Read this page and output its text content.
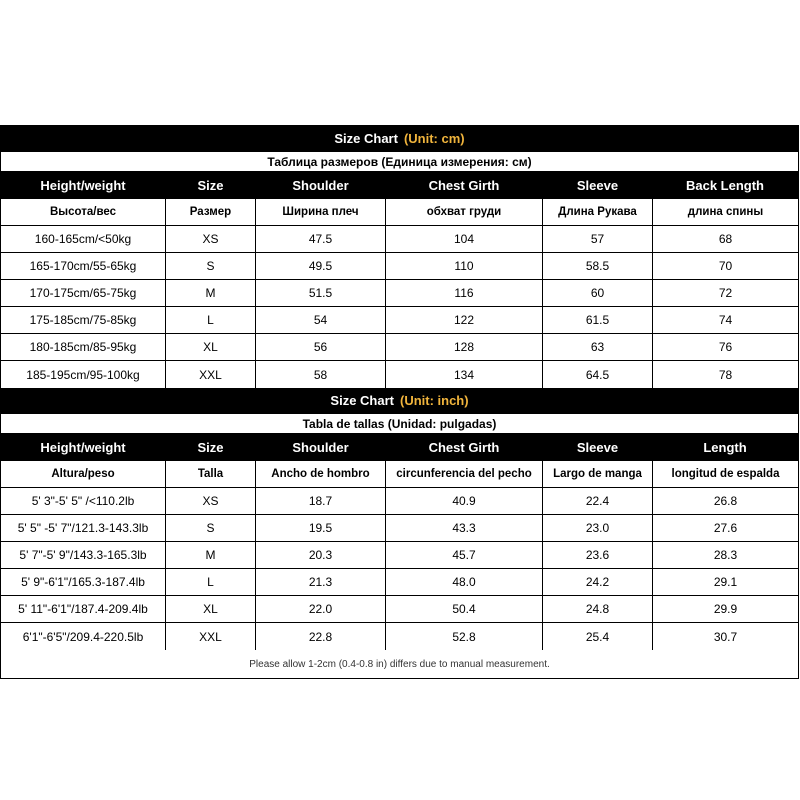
Size Chart (Unit: cm)
Таблица размеров (Единица измерения: см)
Height/weight	Size	Shoulder	Chest Girth	Sleeve	Back Length
Высота/вес	Размер	Ширина плеч	обхват груди	Длина Рукава	длина спины
160-165cm/<50kg	XS	47.5	104	57	68
165-170cm/55-65kg	S	49.5	110	58.5	70
170-175cm/65-75kg	M	51.5	116	60	72
175-185cm/75-85kg	L	54	122	61.5	74
180-185cm/85-95kg	XL	56	128	63	76
185-195cm/95-100kg	XXL	58	134	64.5	78
Size Chart (Unit: inch)
Tabla de tallas (Unidad: pulgadas)
Height/weight	Size	Shoulder	Chest Girth	Sleeve	Length
Altura/peso	Talla	Ancho de hombro	circunferencia del pecho	Largo de manga	longitud de espalda
5' 3"-5' 5" /<110.2lb	XS	18.7	40.9	22.4	26.8
5' 5" -5' 7"/121.3-143.3lb	S	19.5	43.3	23.0	27.6
5' 7"-5' 9"/143.3-165.3lb	M	20.3	45.7	23.6	28.3
5' 9"-6'1"/165.3-187.4lb	L	21.3	48.0	24.2	29.1
5' 11"-6'1"/187.4-209.4lb	XL	22.0	50.4	24.8	29.9
6'1"-6'5"/209.4-220.5lb	XXL	22.8	52.8	25.4	30.7
Please allow 1-2cm (0.4-0.8 in) differs due to manual measurement.
